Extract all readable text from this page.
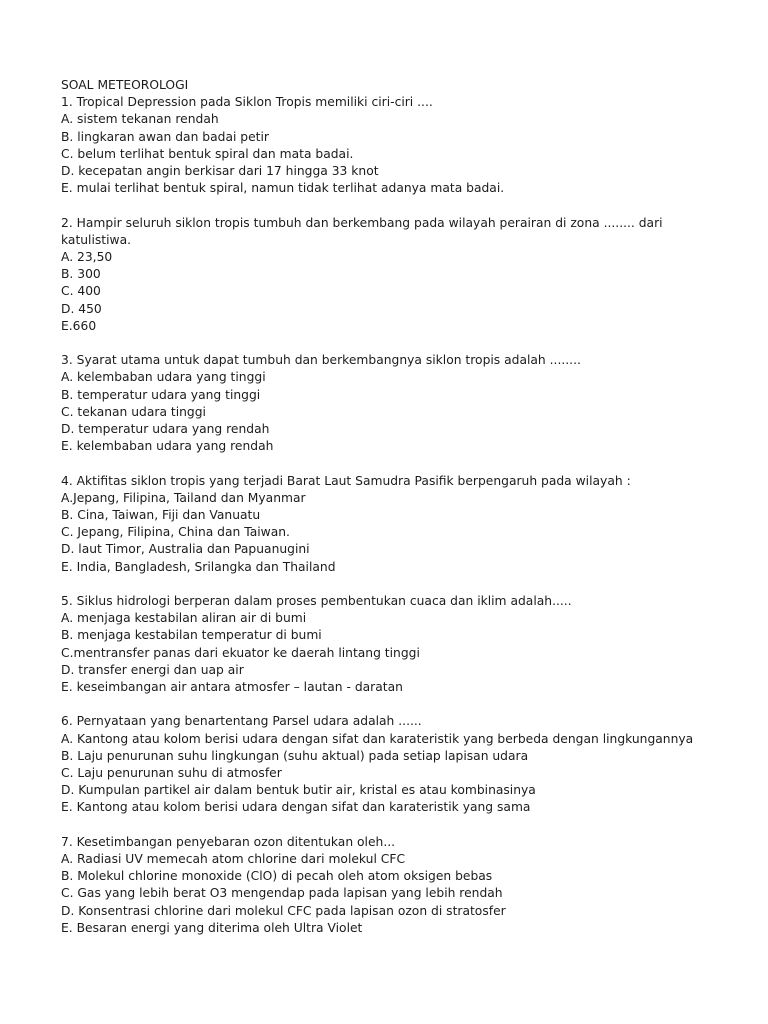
SOAL METEOROLOGI

1. Tropical Depression pada Siklon Tropis memiliki ciri-ciri ....

A. sistem tekanan rendah
B. lingkaran awan dan badai petir
C. belum terlihat bentuk spiral dan mata badai.
D. kecepatan angin berkisar dari 17 hingga 33 knot
E. mulai terlihat bentuk spiral, namun tidak terlihat adanya mata badai.

2. Hampir seluruh siklon tropis tumbuh dan berkembang pada wilayah perairan di zona ........ dari katulistiwa.

A. 23,50
B. 300
C. 400
D. 450
E.660

3. Syarat utama untuk dapat tumbuh dan berkembangnya siklon tropis adalah ........

A. kelembaban udara yang tinggi
B. temperatur udara yang tinggi
C. tekanan udara tinggi
D. temperatur udara yang rendah
E. kelembaban udara yang rendah

4. Aktifitas siklon tropis yang terjadi Barat Laut Samudra Pasifik berpengaruh pada wilayah :

A.Jepang, Filipina, Tailand dan Myanmar
B. Cina, Taiwan, Fiji dan Vanuatu
C. Jepang, Filipina, China dan Taiwan.
D. laut Timor, Australia dan Papuanugini
E. India, Bangladesh, Srilangka dan Thailand

5. Siklus hidrologi berperan dalam proses pembentukan cuaca dan iklim adalah.....

A. menjaga kestabilan aliran air di bumi
B. menjaga kestabilan temperatur di bumi
C.mentransfer panas dari ekuator ke daerah lintang tinggi
D. transfer energi dan uap air
E. keseimbangan air antara atmosfer – lautan - daratan

6. Pernyataan yang benartentang Parsel udara adalah ......

A. Kantong atau kolom berisi udara dengan sifat dan karateristik yang berbeda dengan lingkungannya
B. Laju penurunan suhu lingkungan (suhu aktual) pada setiap lapisan udara
C. Laju penurunan suhu di atmosfer
D. Kumpulan partikel air dalam bentuk butir air, kristal es atau kombinasinya
E. Kantong atau kolom berisi udara dengan sifat dan karateristik yang sama

7. Kesetimbangan penyebaran ozon ditentukan oleh...

A. Radiasi UV memecah atom chlorine dari molekul CFC
B. Molekul chlorine monoxide (ClO) di pecah oleh atom oksigen bebas
C. Gas yang lebih berat O3 mengendap pada lapisan yang lebih rendah
D. Konsentrasi chlorine dari molekul CFC pada lapisan ozon di stratosfer
E. Besaran energi yang diterima oleh Ultra Violet
